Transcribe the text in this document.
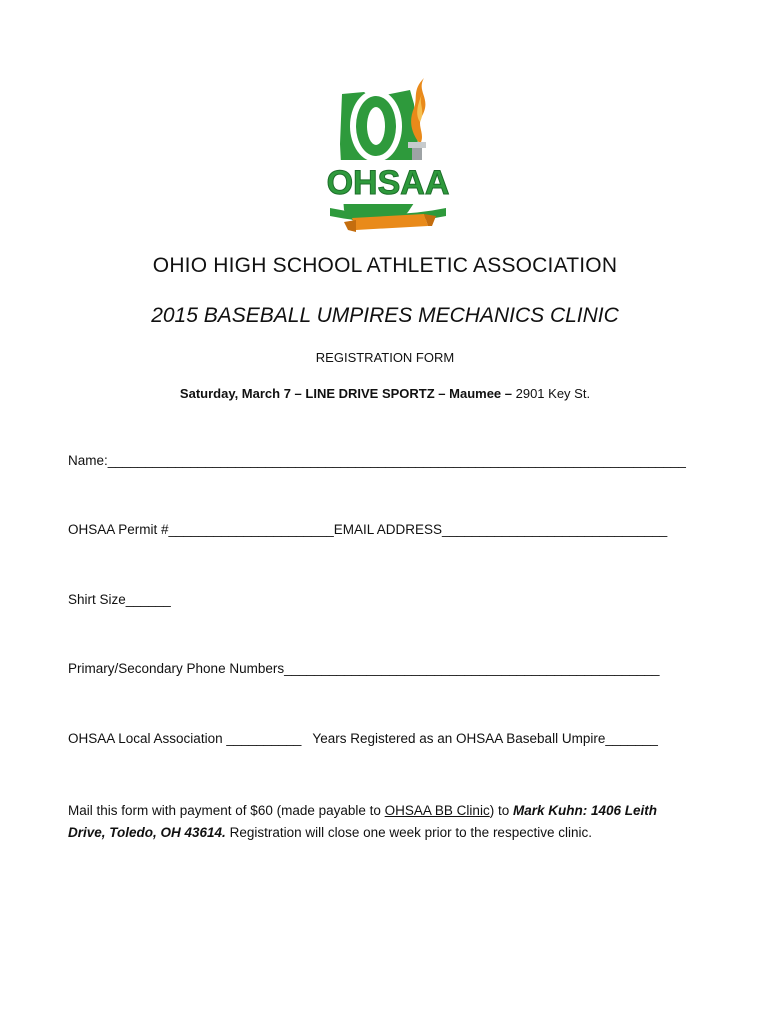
OHSAA
OHIO HIGH SCHOOL ATHLETIC ASSOCIATION
2015 BASEBALL UMPIRES MECHANICS CLINIC
REGISTRATION FORM
Saturday, March 7 – LINE DRIVE SPORTZ – Maumee – 2901 Key St.
Name:_____________________________________________________________________________
OHSAA Permit #______________________EMAIL ADDRESS______________________________
Shirt Size______
Primary/Secondary Phone Numbers__________________________________________________
OHSAA Local Association __________   Years Registered as an OHSAA Baseball Umpire_______
Mail this form with payment of $60 (made payable to OHSAA BB Clinic) to Mark Kuhn: 1406 Leith Drive, Toledo, OH 43614. Registration will close one week prior to the respective clinic.
